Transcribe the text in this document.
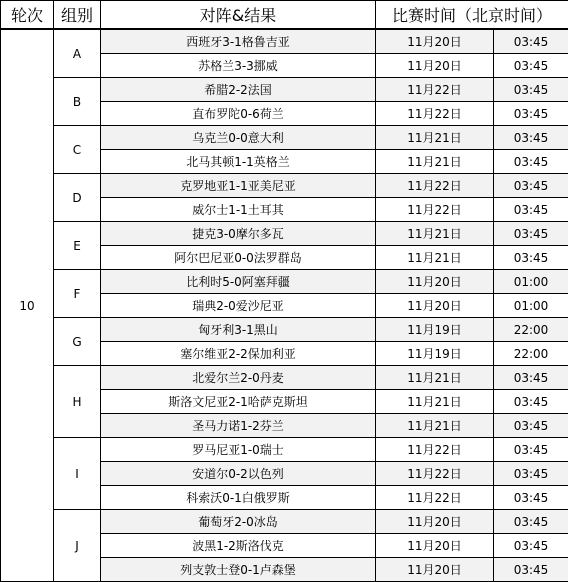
轮次	组别	对阵&结果	比赛时间（北京时间）	
10	A	西班牙3-1格鲁吉亚	11月20日	03:45
		苏格兰3-3挪威	11月20日	03:45
	B	希腊2-2法国	11月22日	03:45
		直布罗陀0-6荷兰	11月22日	03:45
	C	乌克兰0-0意大利	11月21日	03:45
		北马其顿1-1英格兰	11月21日	03:45
	D	克罗地亚1-1亚美尼亚	11月22日	03:45
		威尔士1-1土耳其	11月22日	03:45
	E	捷克3-0摩尔多瓦	11月21日	03:45
		阿尔巴尼亚0-0法罗群岛	11月21日	03:45
	F	比利时5-0阿塞拜疆	11月20日	01:00
		瑞典2-0爱沙尼亚	11月20日	01:00
	G	匈牙利3-1黑山	11月19日	22:00
		塞尔维亚2-2保加利亚	11月19日	22:00
	H	北爱尔兰2-0丹麦	11月21日	03:45
		斯洛文尼亚2-1哈萨克斯坦	11月21日	03:45
		圣马力诺1-2芬兰	11月21日	03:45
	I	罗马尼亚1-0瑞士	11月22日	03:45
		安道尔0-2以色列	11月22日	03:45
		科索沃0-1白俄罗斯	11月22日	03:45
	J	葡萄牙2-0冰岛	11月20日	03:45
		波黑1-2斯洛伐克	11月20日	03:45
		列支敦士登0-1卢森堡	11月20日	03:45
